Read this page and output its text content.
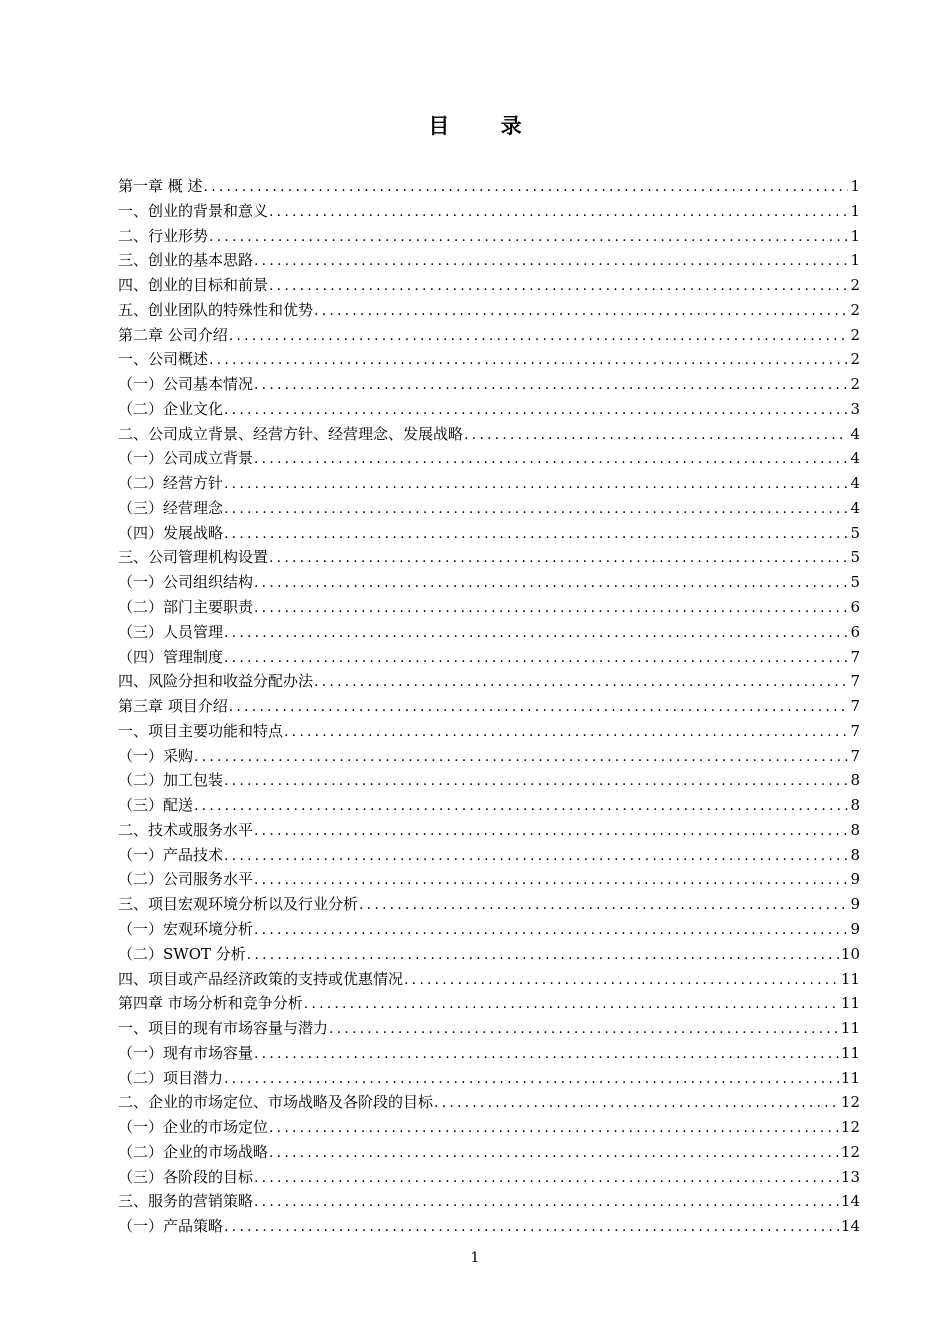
目 录
第一章 概 述 .....	1
一、创业的背景和意义 .....	1
二、行业形势 .....	1
三、创业的基本思路 .....	1
四、创业的目标和前景 .....	2
五、创业团队的特殊性和优势 .....	2
第二章 公司介绍 .....	2
一、公司概述 .....	2
（一）公司基本情况 .....	2
（二）企业文化 .....	3
二、公司成立背景、经营方针、经营理念、发展战略 .....	4
（一）公司成立背景 .....	4
（二）经营方针 .....	4
（三）经营理念 .....	4
（四）发展战略 .....	5
三、公司管理机构设置 .....	5
（一）公司组织结构 .....	5
（二）部门主要职责 .....	6
（三）人员管理 .....	6
（四）管理制度 .....	7
四、风险分担和收益分配办法 .....	7
第三章 项目介绍 .....	7
一、项目主要功能和特点 .....	7
（一）采购 .....	7
（二）加工包装 .....	8
（三）配送 .....	8
二、技术或服务水平 .....	8
（一）产品技术 .....	8
（二）公司服务水平 .....	9
三、项目宏观环境分析以及行业分析 .....	9
（一）宏观环境分析 .....	9
（二）SWOT 分析 .....	10
四、项目或产品经济政策的支持或优惠情况 .....	11
第四章 市场分析和竞争分析 .....	11
一、项目的现有市场容量与潜力 .....	11
（一）现有市场容量 .....	11
（二）项目潜力 .....	11
二、企业的市场定位、市场战略及各阶段的目标 .....	12
（一）企业的市场定位 .....	12
（二）企业的市场战略 .....	12
（三）各阶段的目标 .....	13
三、服务的营销策略 .....	14
（一）产品策略 .....	14
1
